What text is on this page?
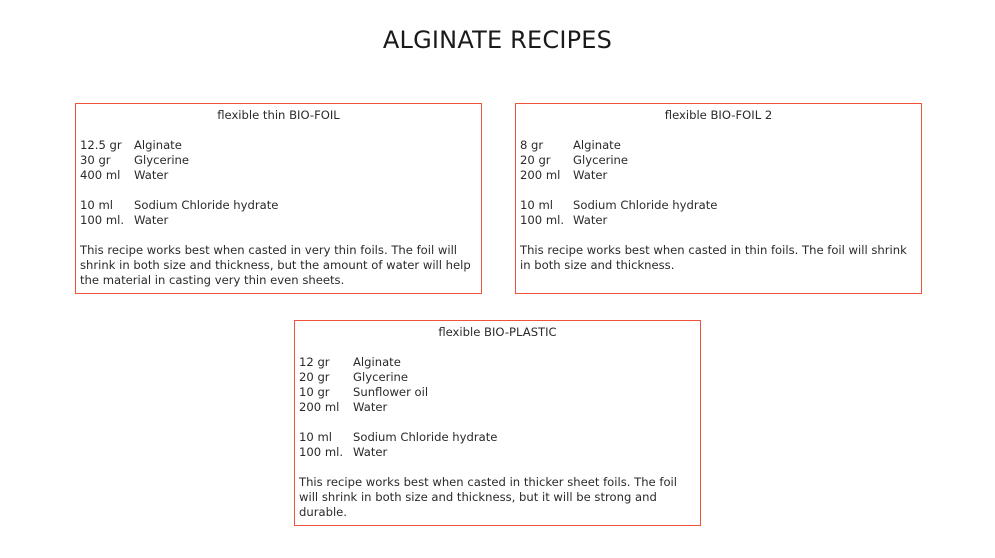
ALGINATE RECIPES
flexible thin BIO-FOIL
12.5 gr	Alginate
30 gr	Glycerine
400 ml	Water
10 ml	Sodium Chloride hydrate
100 ml. Water
This recipe works best when casted in very thin foils. The foil will shrink in both size and thickness, but the amount of water will help the material in casting very thin even sheets.
flexible BIO-FOIL 2
8 gr	Alginate
20 gr	Glycerine
200 ml	Water
10 ml	Sodium Chloride hydrate
100 ml. Water
This recipe works best when casted in thin foils. The foil will shrink in both size and thickness.
flexible BIO-PLASTIC
12 gr	Alginate
20 gr	Glycerine
10 gr	Sunflower oil
200 ml	Water
10 ml	Sodium Chloride hydrate
100 ml. Water
This recipe works best when casted in thicker sheet foils. The foil will shrink in both size and thickness, but it will be strong and durable.
